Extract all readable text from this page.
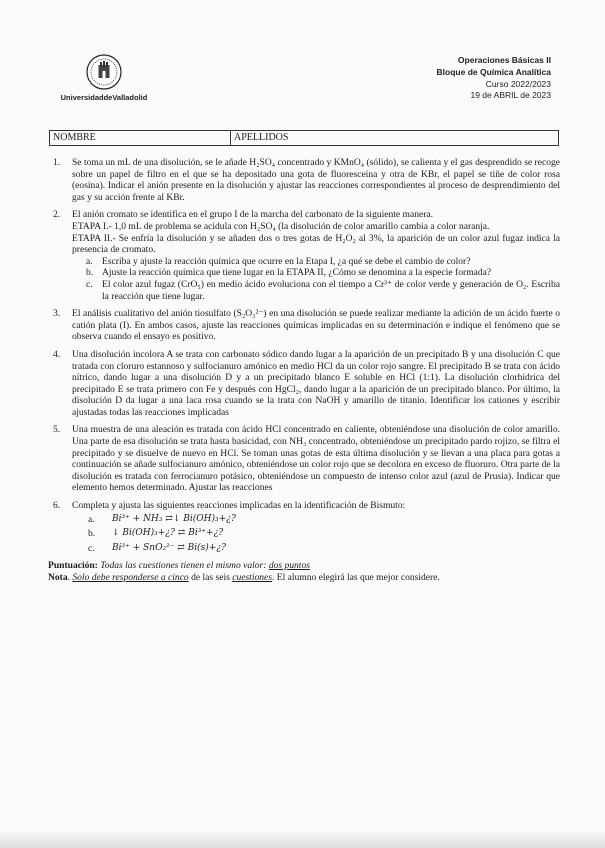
UniversidaddeValladolid
Operaciones Básicas II
Bloque de Química Analítica
Curso 2022/2023
19 de ABRIL de 2023
NOMBRE	APELLIDOS
1. Se toma un mL de una disolución, se le añade H₂SO₄ concentrado y KMnO₄ (sólido), se calienta y el gas desprendido se recoge sobre un papel de filtro en el que se ha depositado una gota de fluoresceína y otra de KBr, el papel se tiñe de color rosa (eosina). Indicar el anión presente en la disolución y ajustar las reacciones correspondientes al proceso de desprendimiento del gas y su acción frente al KBr.
2. El anión cromato se identifica en el grupo I de la marcha del carbonato de la siguiente manera.
ETAPA I.- 1,0 mL de problema se acidula con H₂SO₄ (la disolución de color amarillo cambia a color naranja.
ETAPA II.- Se enfría la disolución y se añaden dos o tres gotas de H₂O₂ al 3%, la aparición de un color azul fugaz indica la presencia de cromato.
a. Escriba y ajuste la reacción química que ocurre en la Etapa I, ¿a qué se debe el cambio de color?
b. Ajuste la reacción química que tiene lugar en la ETAPA II, ¿Cómo se denomina a la especie formada?
c. El color azul fugaz (CrO₅) en medio ácido evoluciona con el tiempo a Cr³⁺ de color verde y generación de O₂. Escriba la reacción que tiene lugar.
3. El análisis cualitativo del anión tiosulfato (S₂O₃²⁻) en una disolución se puede realizar mediante la adición de un ácido fuerte o catión plata (I). En ambos casos, ajuste las reacciones químicas implicadas en su determinación e indique el fenómeno que se observa cuando el ensayo es positivo.
4. Una disolución incolora A se trata con carbonato sódico dando lugar a la aparición de un precipitado B y una disolución C que tratada con cloruro estannoso y sulfocianuro amónico en medio HCl da un color rojo sangre. El precipitado B se trata con ácido nítrico, dando lugar a una disolución D y a un precipitado blanco E soluble en HCl (1:1). La disolución clorhídrica del precipitado E se trata primero con Fe y después con HgCl₂, dando lugar a la aparición de un precipitado blanco. Por último, la disolución D da lugar a una laca rosa cuando se la trata con NaOH y amarillo de titanio. Identificar los cationes y escribir ajustadas todas las reacciones implicadas
5. Una muestra de una aleación es tratada con ácido HCl concentrado en caliente, obteniéndose una disolución de color amarillo. Una parte de esa disolución se trata hasta basicidad, con NH₃ concentrado, obteniéndose un precipitado pardo rojizo, se filtra el precipitado y se disuelve de nuevo en HCl. Se toman unas gotas de esta última disolución y se llevan a una placa para gotas a continuación se añade sulfocianuro amónico, obteniéndose un color rojo que se decolora en exceso de fluoruro. Otra parte de la disolución es tratada con ferrocianuro potásico, obteniéndose un compuesto de intenso color azul (azul de Prusia). Indicar que elemento hemos determinado. Ajustar las reacciones
6. Completa y ajusta las siguientes reacciones implicadas en la identificación de Bismuto:
a. Bi³⁺ + NH₃ ⇄↓ Bi(OH)₃+¿?
b. ↓ Bi(OH)₃+¿? ⇄ Bi³⁺+¿?
c. Bi³⁺ + SnO₂²⁻ ⇄ Bi(s)+¿?
Puntuación: Todas las cuestiones tienen el mismo valor: dos puntos
Nota. Solo debe responderse a cinco de las seis cuestiones. El alumno elegirá las que mejor considere.
